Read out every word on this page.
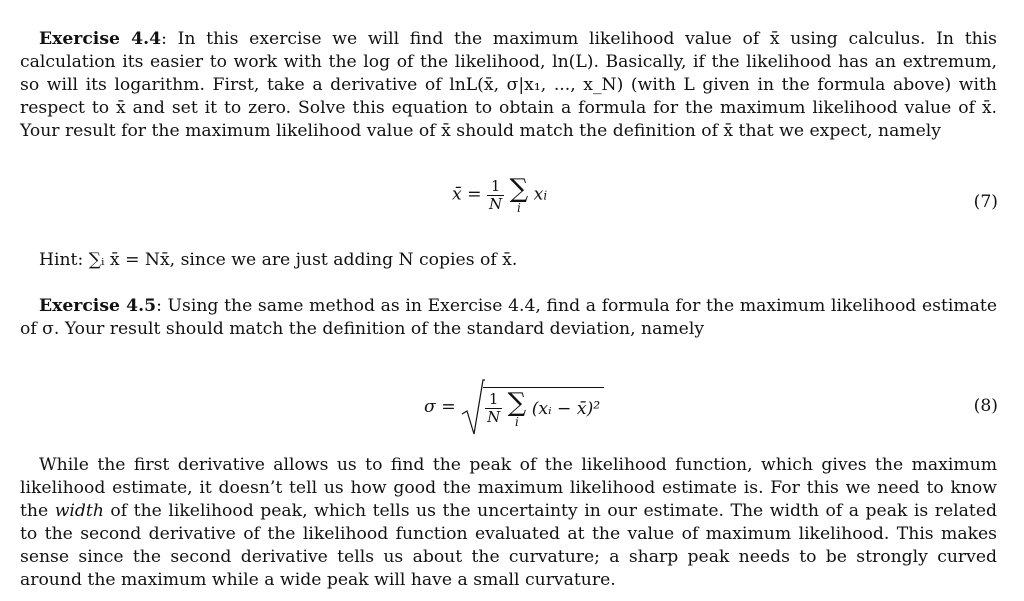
Exercise 4.4: In this exercise we will find the maximum likelihood value of x̄ using calculus. In this calculation its easier to work with the log of the likelihood, ln(L). Basically, if the likelihood has an extremum, so will its logarithm. First, take a derivative of lnL(x̄, σ|x₁, ..., x_N) (with L given in the formula above) with respect to x̄ and set it to zero. Solve this equation to obtain a formula for the maximum likelihood value of x̄. Your result for the maximum likelihood value of x̄ should match the definition of x̄ that we expect, namely
x̄ = $\frac{1}{N}$
∑
i
xi	(7)
Hint: ∑ᵢ x̄ = Nx̄, since we are just adding N copies of x̄.
Exercise 4.5: Using the same method as in Exercise 4.4, find a formula for the maximum likelihood estimate of σ. Your result should match the definition of the standard deviation, namely
$\sigma = \frac{1}{N}$
∑
i
(xᵢ − x̄)²	(8)
While the first derivative allows us to find the peak of the likelihood function, which gives the maximum likelihood estimate, it doesn’t tell us how good the maximum likelihood estimate is. For this we need to know the width of the likelihood peak, which tells us the uncertainty in our estimate. The width of a peak is related to the second derivative of the likelihood function evaluated at the value of maximum likelihood. This makes sense since the second derivative tells us about the curvature; a sharp peak needs to be strongly curved around the maximum while a wide peak will have a small curvature.
